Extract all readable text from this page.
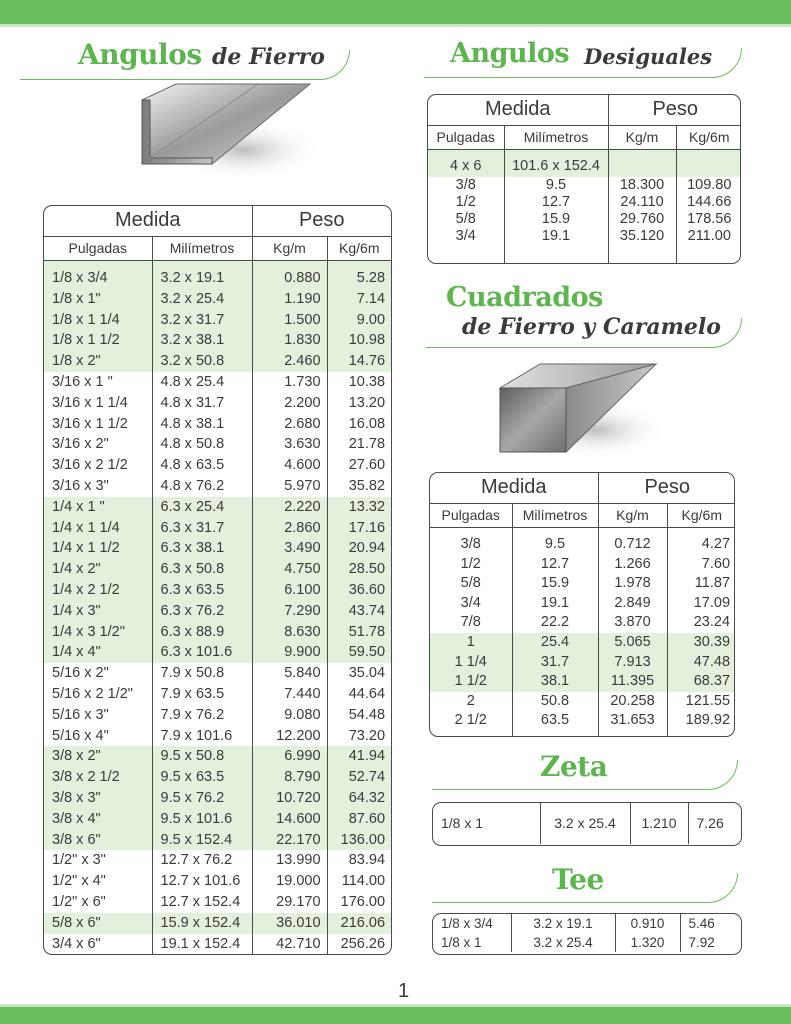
Angulos de Fierro
Medida		Peso	
Pulgadas	Milímetros	Kg/m	Kg/6m

1/8 x 3/4	3.2 x 19.1	0.880	5.28
1/8 x 1"	3.2 x 25.4	1.190	7.14
1/8 x 1 1/4	3.2 x 31.7	1.500	9.00
1/8 x 1 1/2	3.2 x 38.1	1.830	10.98
1/8 x 2"	3.2 x 50.8	2.460	14.76
3/16 x 1 "	4.8 x 25.4	1.730	10.38
3/16 x 1 1/4	4.8 x 31.7	2.200	13.20
3/16 x 1 1/2	4.8 x 38.1	2.680	16.08
3/16 x 2"	4.8 x 50.8	3.630	21.78
3/16 x 2 1/2	4.8 x 63.5	4.600	27.60
3/16 x 3"	4.8 x 76.2	5.970	35.82
1/4 x 1 "	6.3 x 25.4	2.220	13.32
1/4 x 1 1/4	6.3 x 31.7	2.860	17.16
1/4 x 1 1/2	6.3 x 38.1	3.490	20.94
1/4 x 2"	6.3 x 50.8	4.750	28.50
1/4 x 2 1/2	6.3 x 63.5	6.100	36.60
1/4 x 3"	6.3 x 76.2	7.290	43.74
1/4 x 3 1/2"	6.3 x 88.9	8.630	51.78
1/4 x 4"	6.3 x 101.6	9.900	59.50
5/16 x 2"	7.9 x 50.8	5.840	35.04
5/16 x 2 1/2"	7.9 x 63.5	7.440	44.64
5/16 x 3"	7.9 x 76.2	9.080	54.48
5/16 x 4"	7.9 x 101.6	12.200	73.20
3/8 x 2"	9.5 x 50.8	6.990	41.94
3/8 x 2 1/2	9.5 x 63.5	8.790	52.74
3/8 x 3"	9.5 x 76.2	10.720	64.32
3/8 x 4"	9.5 x 101.6	14.600	87.60
3/8 x 6"	9.5 x 152.4	22.170	136.00
1/2" x 3"	12.7 x 76.2	13.990	83.94
1/2" x 4"	12.7 x 101.6	19.000	114.00
1/2" x 6"	12.7 x 152.4	29.170	176.00
5/8 x 6"	15.9 x 152.4	36.010	216.06
3/4 x 6"	19.1 x 152.4	42.710	256.26

Angulos Desiguales
Medida		Peso	
Pulgadas	Milímetros	Kg/m	Kg/6m
4 x 6	101.6 x 152.4		
3/8	9.5	18.300	109.80
1/2	12.7	24.110	144.66
5/8	15.9	29.760	178.56
3/4	19.1	35.120	211.00

Cuadrados
de Fierro y Caramelo
Medida		Peso	
Pulgadas	Milímetros	Kg/m	Kg/6m

3/8	9.5	0.712	4.27
1/2	12.7	1.266	7.60
5/8	15.9	1.978	11.87
3/4	19.1	2.849	17.09
7/8	22.2	3.870	23.24
1	25.4	5.065	30.39
1 1/4	31.7	7.913	47.48
1 1/2	38.1	11.395	68.37
2	50.8	20.258	121.55
2 1/2	63.5	31.653	189.92

Zeta
1/8 x 1	3.2 x 25.4	1.210	7.26
Tee
1/8 x 3/4	3.2 x 19.1	0.910	5.46
1/8 x 1	3.2 x 25.4	1.320	7.92
1
